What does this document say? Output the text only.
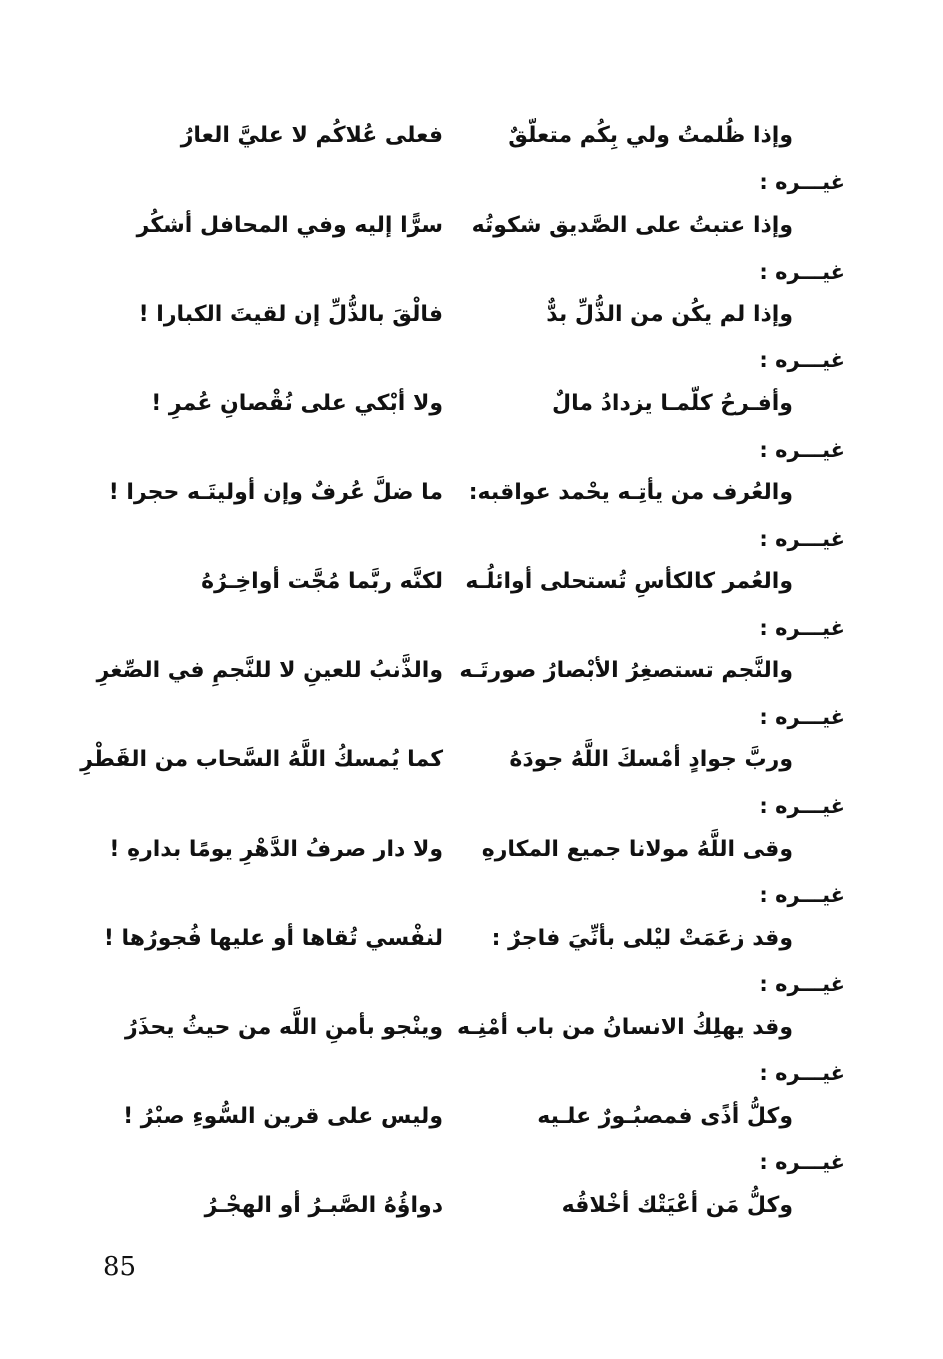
وإذا ظُلمتُ ولي بِكُم متعلّقٌ
فعلى عُلاكُم لا عليَّ العارُ
غيـــره :
وإذا عتبتُ على الصَّديق شكوتُه
سرًّا إليه وفي المحافل أشكُر
غيـــره :
وإذا لم يكُن من الذُّلِّ بدٌّ
فالْقَ بالذُّلِّ إن لقيتَ الكبارا !
غيـــره :
وأفـرحُ كلّمـا يزدادُ مالٌ
ولا أبْكي على نُقْصانِ عُمرِ !
غيـــره :
والعُرف من يأتِـه يحْمد عواقبه:
ما ضلَّ عُرفٌ وإن أوليتَـه حجرا !
غيـــره :
والعُمر كالكأسِ تُستحلى أوائلُـه
لكنَّه ربَّما مُجَّت أواخِـرُهُ
غيـــره :
والنَّجم تستصغِرُ الأبْصارُ صورتَـه
والذَّنبُ للعينِ لا للنَّجمِ في الصِّغرِ
غيـــره :
وربَّ جوادٍ أمْسكَ اللَّهُ جودَهُ
كما يُمسكُ اللَّهُ السَّحاب من القَطْرِ
غيـــره :
وقى اللَّهُ مولانا جميع المكارهِ
ولا دار صرفُ الدَّهْرِ يومًا بدارهِ !
غيـــره :
وقد زعَمَتْ ليْلى بأنِّيَ فاجرٌ :
لنفْسي تُقاها أو عليها فُجورُها !
غيـــره :
وقد يهلِكُ الانسانُ من باب أمْنِـه
وينْجو بأمنِ اللَّه من حيثُ يحذَرُ
غيـــره :
وكلُّ أذًى فمصبُـورٌ علـيه
وليس على قرين السُّوءِ صبْرُ !
غيـــره :
وكلُّ مَن أعْيَتْك أخْلاقُه
دواؤُهُ الصَّبـرُ أو الهجْـرُ
85
